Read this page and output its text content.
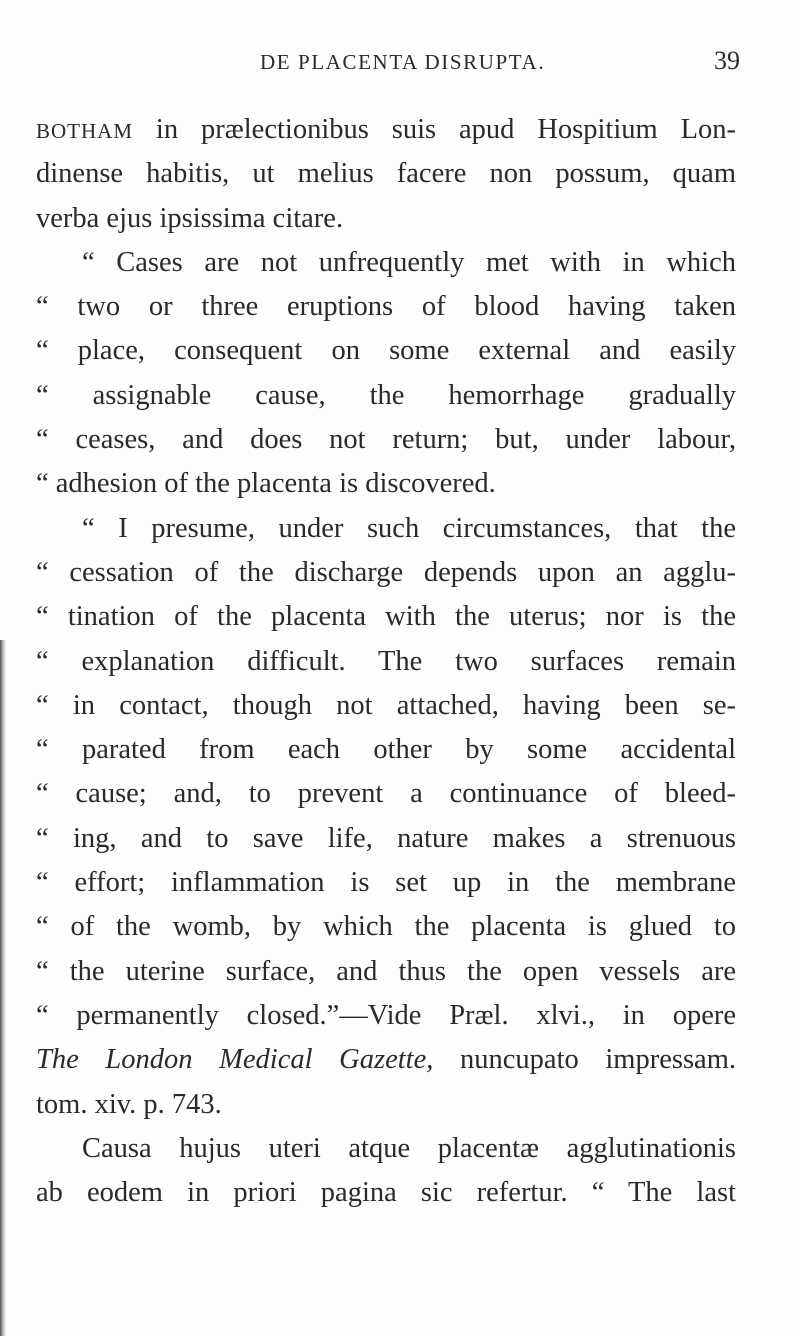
DE PLACENTA DISRUPTA.	39
BOTHAM in prælectionibus suis apud Hospitium Lon-
dinense habitis, ut melius facere non possum, quam
verba ejus ipsissima citare.
“ Cases are not unfrequently met with in which
“ two or three eruptions of blood having taken
“ place, consequent on some external and easily
“ assignable cause, the hemorrhage gradually
“ ceases, and does not return; but, under labour,
“ adhesion of the placenta is discovered.
“ I presume, under such circumstances, that the
“ cessation of the discharge depends upon an agglu-
“ tination of the placenta with the uterus; nor is the
“ explanation difficult. The two surfaces remain
“ in contact, though not attached, having been se-
“ parated from each other by some accidental
“ cause; and, to prevent a continuance of bleed-
“ ing, and to save life, nature makes a strenuous
“ effort; inflammation is set up in the membrane
“ of the womb, by which the placenta is glued to
“ the uterine surface, and thus the open vessels are
“ permanently closed.”—Vide Præl. xlvi., in opere
The London Medical Gazette, nuncupato impressam.
tom. xiv. p. 743.
Causa hujus uteri atque placentæ agglutinationis
ab eodem in priori pagina sic refertur. “ The last
